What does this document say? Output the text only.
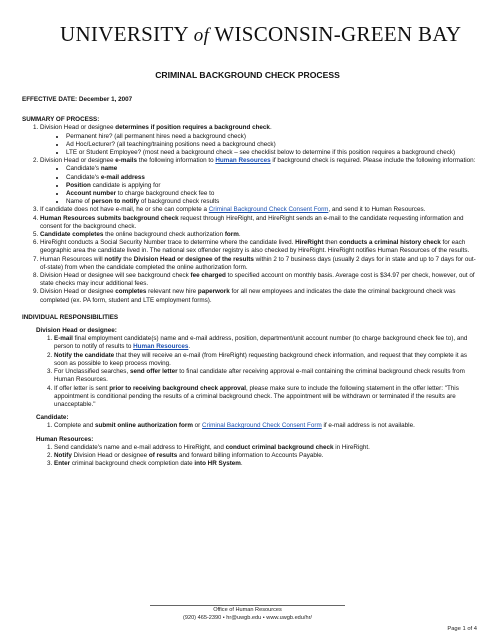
UNIVERSITY of WISCONSIN-GREEN BAY
CRIMINAL BACKGROUND CHECK PROCESS
EFFECTIVE DATE: December 1, 2007
SUMMARY OF PROCESS:
1. Division Head or designee determines if position requires a background check.
• Permanent hire? (all permanent hires need a background check)
• Ad Hoc/Lecturer? (all teaching/training positions need a background check)
• LTE or Student Employee? (most need a background check – see checklist below to determine if this position requires a background check)
2. Division Head or designee e-mails the following information to Human Resources if background check is required. Please include the following information:
• Candidate's name
• Candidate's e-mail address
• Position candidate is applying for
• Account number to charge background check fee to
• Name of person to notify of background check results
3. If candidate does not have e-mail, he or she can complete a Criminal Background Check Consent Form, and send it to Human Resources.
4. Human Resources submits background check request through HireRight, and HireRight sends an e-mail to the candidate requesting information and consent for the background check.
5. Candidate completes the online background check authorization form.
6. HireRight conducts a Social Security Number trace to determine where the candidate lived. HireRight then conducts a criminal history check for each geographic area the candidate lived in. The national sex offender registry is also checked by HireRight. HireRight notifies Human Resources of the results.
7. Human Resources will notify the Division Head or designee of the results within 2 to 7 business days (usually 2 days for in state and up to 7 days for out-of-state) from when the candidate completed the online authorization form.
8. Division Head or designee will see background check fee charged to specified account on monthly basis. Average cost is $34.97 per check, however, out of state checks may incur additional fees.
9. Division Head or designee completes relevant new hire paperwork for all new employees and indicates the date the criminal background check was completed (ex. PA form, student and LTE employment forms).
INDIVIDUAL RESPONSIBILITIES
Division Head or designee:
1. E-mail final employment candidate(s) name and e-mail address, position, department/unit account number (to charge background check fee to), and person to notify of results to Human Resources.
2. Notify the candidate that they will receive an e-mail (from HireRight) requesting background check information, and request that they complete it as soon as possible to keep process moving.
3. For Unclassified searches, send offer letter to final candidate after receiving approval e-mail containing the criminal background check results from Human Resources.
4. If offer letter is sent prior to receiving background check approval, please make sure to include the following statement in the offer letter: "This appointment is conditional pending the results of a criminal background check. The appointment will be withdrawn or terminated if the results are unacceptable."
Candidate:
1. Complete and submit online authorization form or Criminal Background Check Consent Form if e-mail address is not available.
Human Resources:
1. Send candidate's name and e-mail address to HireRight, and conduct criminal background check in HireRight.
2. Notify Division Head or designee of results and forward billing information to Accounts Payable.
3. Enter criminal background check completion date into HR System.
Office of Human Resources
(920) 465-2390 • hr@uwgb.edu • www.uwgb.edu/hr/
Page 1 of 4
